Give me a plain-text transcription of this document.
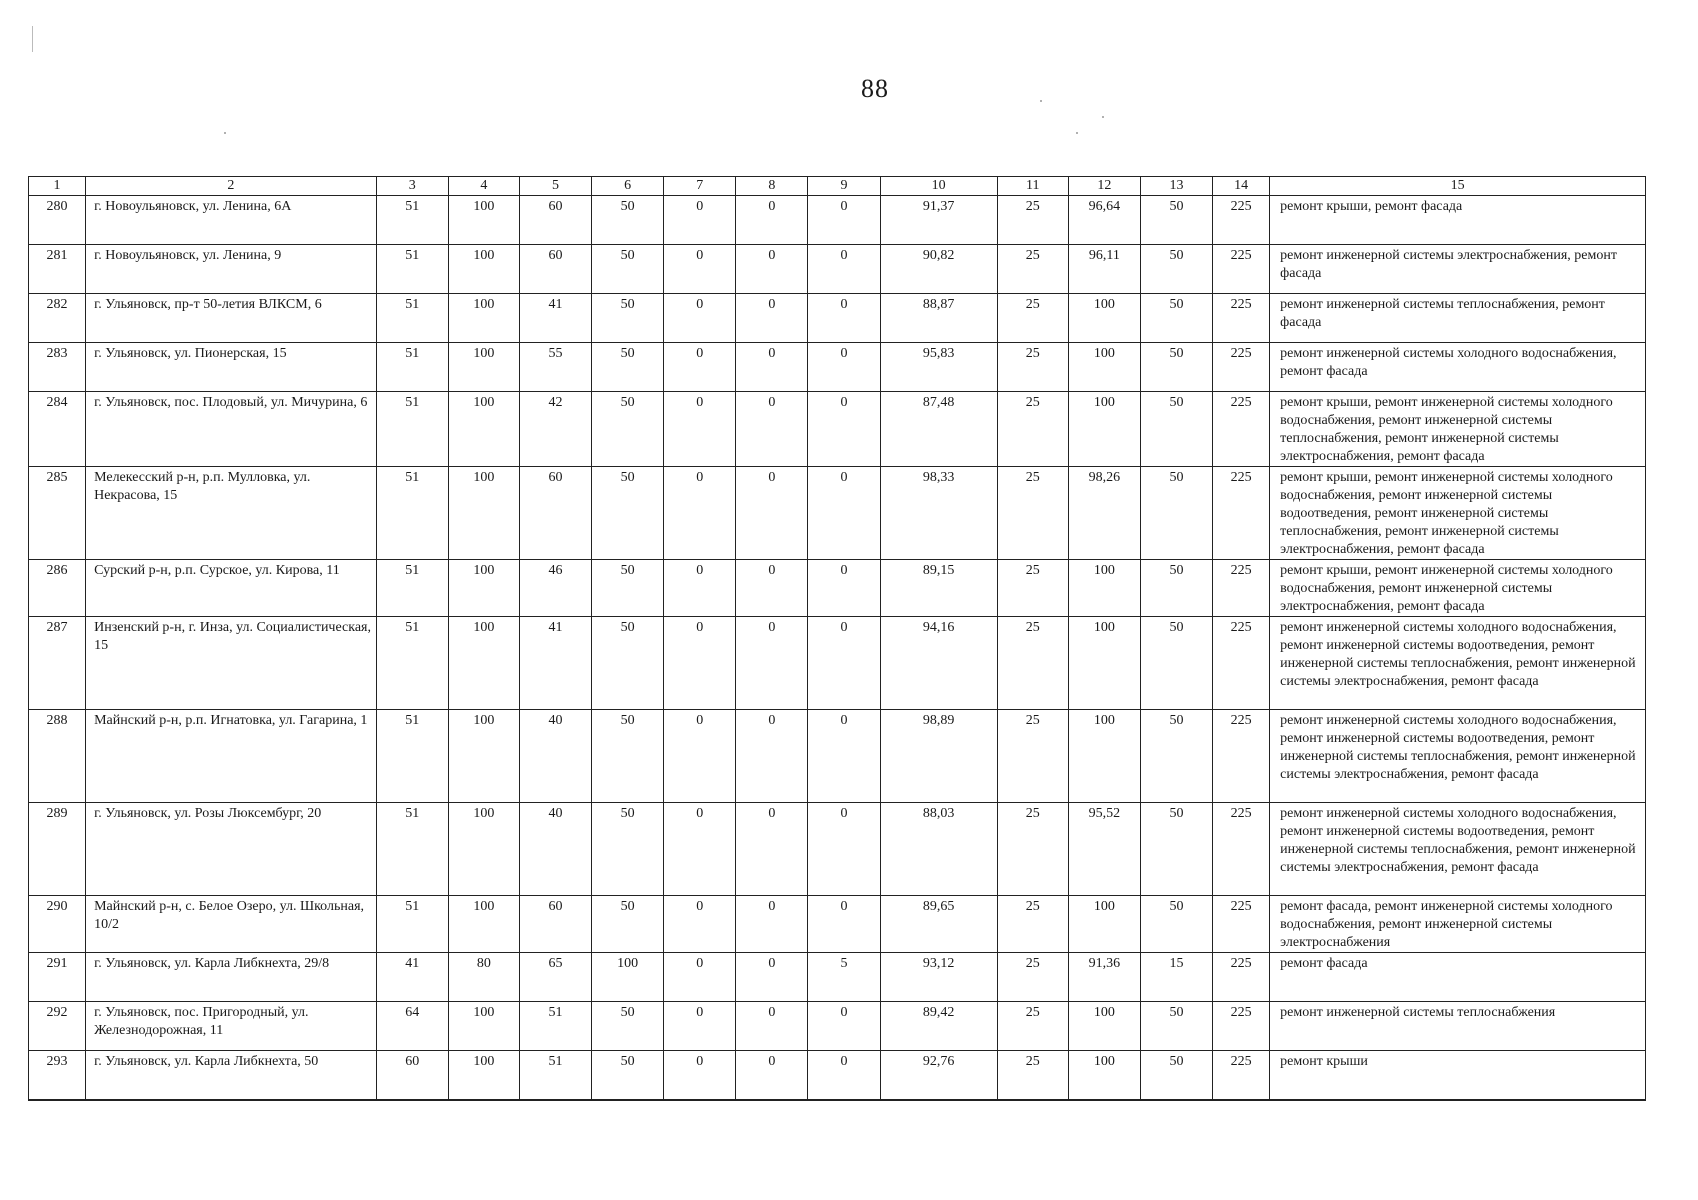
88
1	2	3	4	5	6	7	8	9	10	11	12	13	14	15
280	г. Новоульяновск, ул. Ленина, 6А	51	100	60	50	0	0	0	91,37	25	96,64	50	225	ремонт крыши, ремонт фасада
281	г. Новоульяновск, ул. Ленина, 9	51	100	60	50	0	0	0	90,82	25	96,11	50	225	ремонт инженерной системы электроснабжения, ремонт фасада
282	г. Ульяновск, пр-т 50-летия ВЛКСМ, 6	51	100	41	50	0	0	0	88,87	25	100	50	225	ремонт инженерной системы теплоснабжения, ремонт фасада
283	г. Ульяновск, ул. Пионерская, 15	51	100	55	50	0	0	0	95,83	25	100	50	225	ремонт инженерной системы холодного водоснабжения, ремонт фасада
284	г. Ульяновск, пос. Плодовый, ул. Мичурина, 6	51	100	42	50	0	0	0	87,48	25	100	50	225	ремонт крыши, ремонт инженерной системы холодного водоснабжения, ремонт инженерной системы теплоснабжения, ремонт инженерной системы электроснабжения, ремонт фасада
285	Мелекесский р-н, р.п. Мулловка, ул. Некрасова, 15	51	100	60	50	0	0	0	98,33	25	98,26	50	225	ремонт крыши, ремонт инженерной системы холодного водоснабжения, ремонт инженерной системы водоотведения, ремонт инженерной системы теплоснабжения, ремонт инженерной системы электроснабжения, ремонт фасада
286	Сурский р-н, р.п. Сурское, ул. Кирова, 11	51	100	46	50	0	0	0	89,15	25	100	50	225	ремонт крыши, ремонт инженерной системы холодного водоснабжения, ремонт инженерной системы электроснабжения, ремонт фасада
287	Инзенский р-н, г. Инза, ул. Социалистическая, 15	51	100	41	50	0	0	0	94,16	25	100	50	225	ремонт инженерной системы холодного водоснабжения, ремонт инженерной системы водоотведения, ремонт инженерной системы теплоснабжения, ремонт инженерной системы электроснабжения, ремонт фасада
288	Майнский р-н, р.п. Игнатовка, ул. Гагарина, 1	51	100	40	50	0	0	0	98,89	25	100	50	225	ремонт инженерной системы холодного водоснабжения, ремонт инженерной системы водоотведения, ремонт инженерной системы теплоснабжения, ремонт инженерной системы электроснабжения, ремонт фасада
289	г. Ульяновск, ул. Розы Люксембург, 20	51	100	40	50	0	0	0	88,03	25	95,52	50	225	ремонт инженерной системы холодного водоснабжения, ремонт инженерной системы водоотведения, ремонт инженерной системы теплоснабжения, ремонт инженерной системы электроснабжения, ремонт фасада
290	Майнский р-н, с. Белое Озеро, ул. Школьная, 10/2	51	100	60	50	0	0	0	89,65	25	100	50	225	ремонт фасада, ремонт инженерной системы холодного водоснабжения, ремонт инженерной системы электроснабжения
291	г. Ульяновск, ул. Карла Либкнехта, 29/8	41	80	65	100	0	0	5	93,12	25	91,36	15	225	ремонт фасада
292	г. Ульяновск, пос. Пригородный, ул. Железнодорожная, 11	64	100	51	50	0	0	0	89,42	25	100	50	225	ремонт инженерной системы теплоснабжения
293	г. Ульяновск, ул. Карла Либкнехта, 50	60	100	51	50	0	0	0	92,76	25	100	50	225	ремонт крыши
